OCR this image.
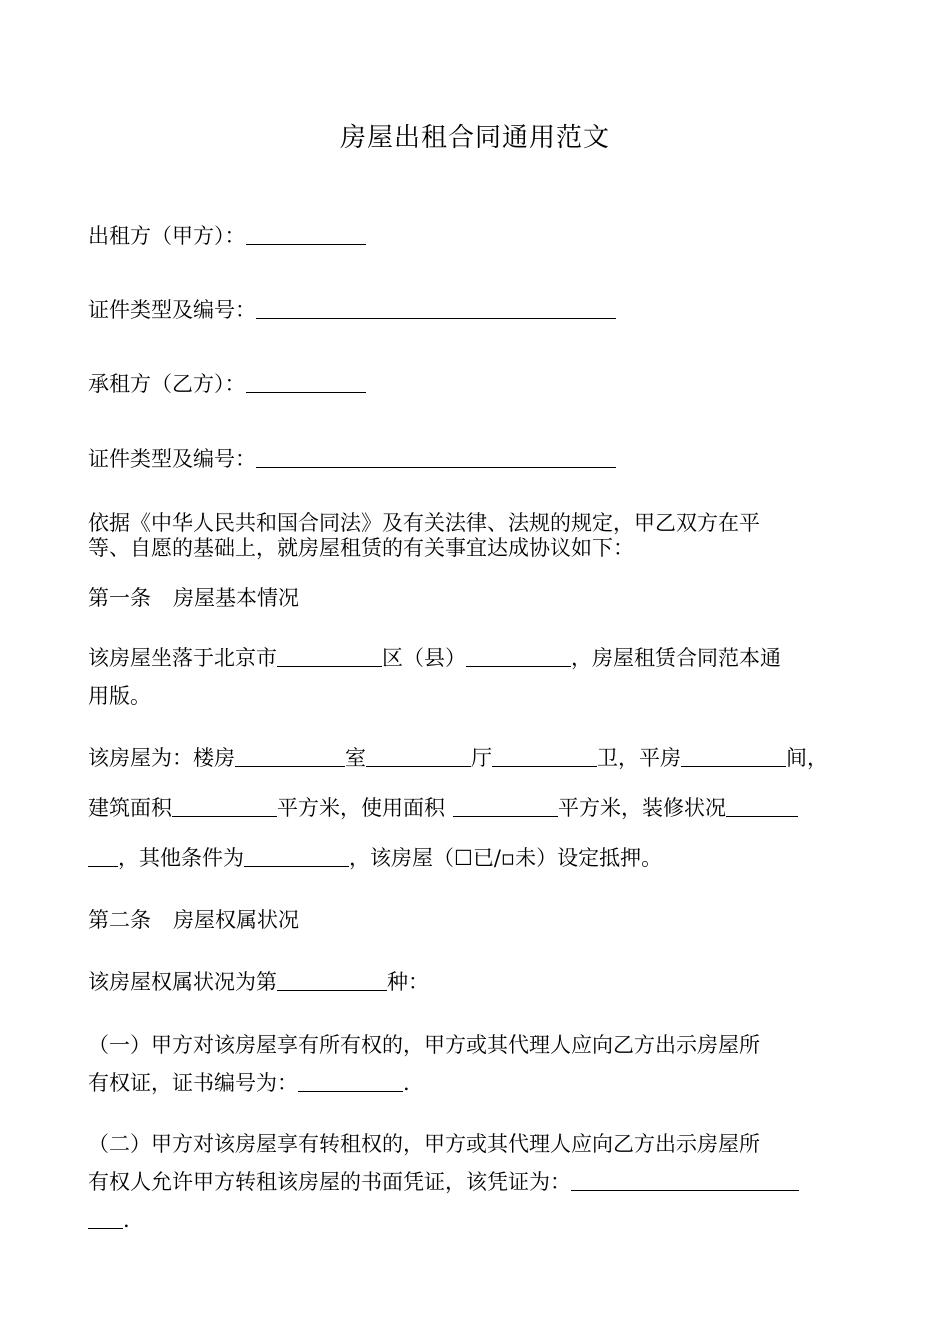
房屋出租合同通用范文
出租方（甲方）：
证件类型及编号：
承租方（乙方）：
证件类型及编号：
依据《中华人民共和国合同法》及有关法律、法规的规定，甲乙双方在平
等、自愿的基础上，就房屋租赁的有关事宜达成协议如下：
第一条 房屋基本情况
该房屋坐落于北京市	区（县）	，房屋租赁合同范本通
用版。
该房屋为：楼房	室	厅	卫，平房	间，
建筑面积	平方米，使用面积	平方米，装修状况
，其他条件为	，该房屋（☐已/▫未）设定抵押。
第二条 房屋权属状况
该房屋权属状况为第	种：
（一）甲方对该房屋享有所有权的，甲方或其代理人应向乙方出示房屋所
有权证，证书编号为：	.
（二）甲方对该房屋享有转租权的，甲方或其代理人应向乙方出示房屋所
有权人允许甲方转租该房屋的书面凭证，该凭证为：
.
